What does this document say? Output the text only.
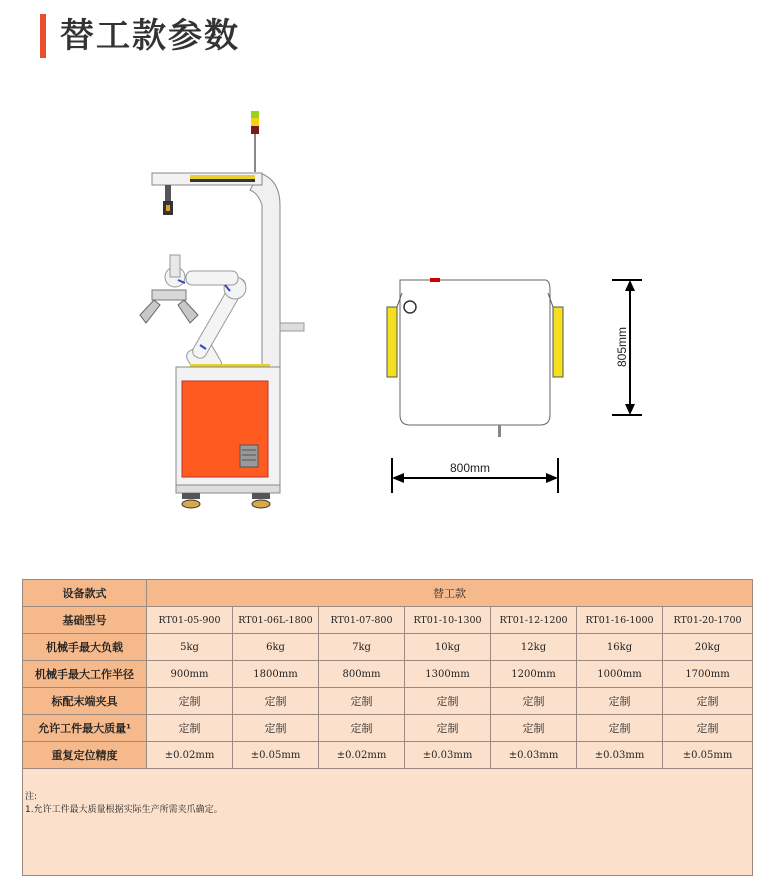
替工款参数
805mm
800mm
设备款式	替工款						
基础型号	RT01-05-900	RT01-06L-1800	RT01-07-800	RT01-10-1300	RT01-12-1200	RT01-16-1000	RT01-20-1700
机械手最大负载	5kg	6kg	7kg	10kg	12kg	16kg	20kg
机械手最大工作半径	900mm	1800mm	800mm	1300mm	1200mm	1000mm	1700mm
标配末端夹具	定制	定制	定制	定制	定制	定制	定制
允许工件最大质量¹	定制	定制	定制	定制	定制	定制	定制
重复定位精度	±0.02mm	±0.05mm	±0.02mm	±0.03mm	±0.03mm	±0.03mm	±0.05mm

注:
1.允许工件最大质量根据实际生产所需夹爪确定。							
